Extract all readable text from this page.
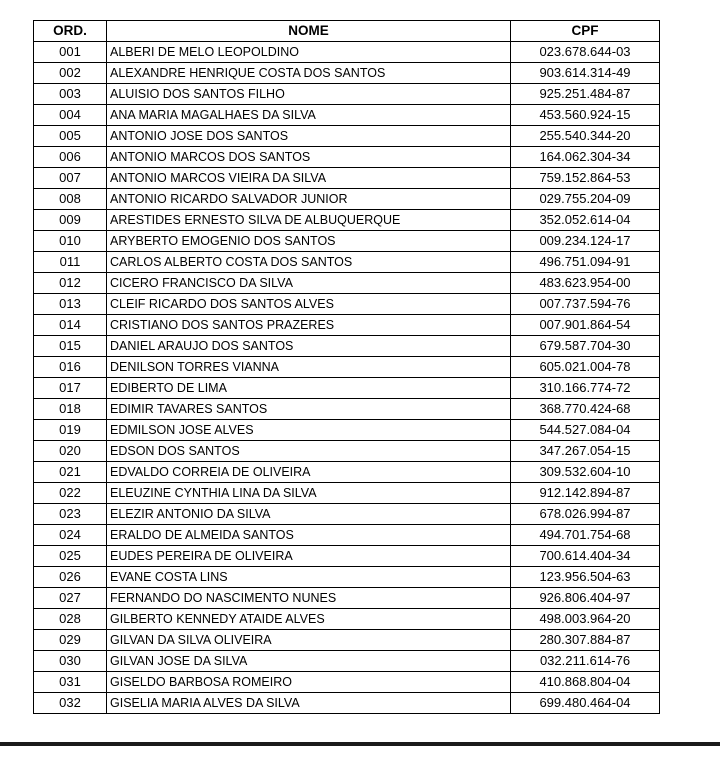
ORD.	NOME	CPF
001	ALBERI DE MELO LEOPOLDINO	023.678.644-03
002	ALEXANDRE HENRIQUE COSTA DOS SANTOS	903.614.314-49
003	ALUISIO DOS SANTOS FILHO	925.251.484-87
004	ANA MARIA MAGALHAES DA SILVA	453.560.924-15
005	ANTONIO JOSE DOS SANTOS	255.540.344-20
006	ANTONIO MARCOS DOS SANTOS	164.062.304-34
007	ANTONIO MARCOS VIEIRA DA SILVA	759.152.864-53
008	ANTONIO RICARDO SALVADOR JUNIOR	029.755.204-09
009	ARESTIDES ERNESTO SILVA DE ALBUQUERQUE	352.052.614-04
010	ARYBERTO EMOGENIO DOS SANTOS	009.234.124-17
011	CARLOS ALBERTO COSTA DOS SANTOS	496.751.094-91
012	CICERO FRANCISCO DA SILVA	483.623.954-00
013	CLEIF RICARDO DOS SANTOS ALVES	007.737.594-76
014	CRISTIANO DOS SANTOS PRAZERES	007.901.864-54
015	DANIEL ARAUJO DOS SANTOS	679.587.704-30
016	DENILSON TORRES VIANNA	605.021.004-78
017	EDIBERTO DE LIMA	310.166.774-72
018	EDIMIR TAVARES SANTOS	368.770.424-68
019	EDMILSON JOSE ALVES	544.527.084-04
020	EDSON DOS SANTOS	347.267.054-15
021	EDVALDO CORREIA DE OLIVEIRA	309.532.604-10
022	ELEUZINE CYNTHIA LINA DA SILVA	912.142.894-87
023	ELEZIR ANTONIO DA SILVA	678.026.994-87
024	ERALDO DE ALMEIDA SANTOS	494.701.754-68
025	EUDES PEREIRA DE OLIVEIRA	700.614.404-34
026	EVANE COSTA LINS	123.956.504-63
027	FERNANDO DO NASCIMENTO NUNES	926.806.404-97
028	GILBERTO KENNEDY ATAIDE ALVES	498.003.964-20
029	GILVAN DA SILVA OLIVEIRA	280.307.884-87
030	GILVAN JOSE DA SILVA	032.211.614-76
031	GISELDO BARBOSA ROMEIRO	410.868.804-04
032	GISELIA MARIA ALVES DA SILVA	699.480.464-04
